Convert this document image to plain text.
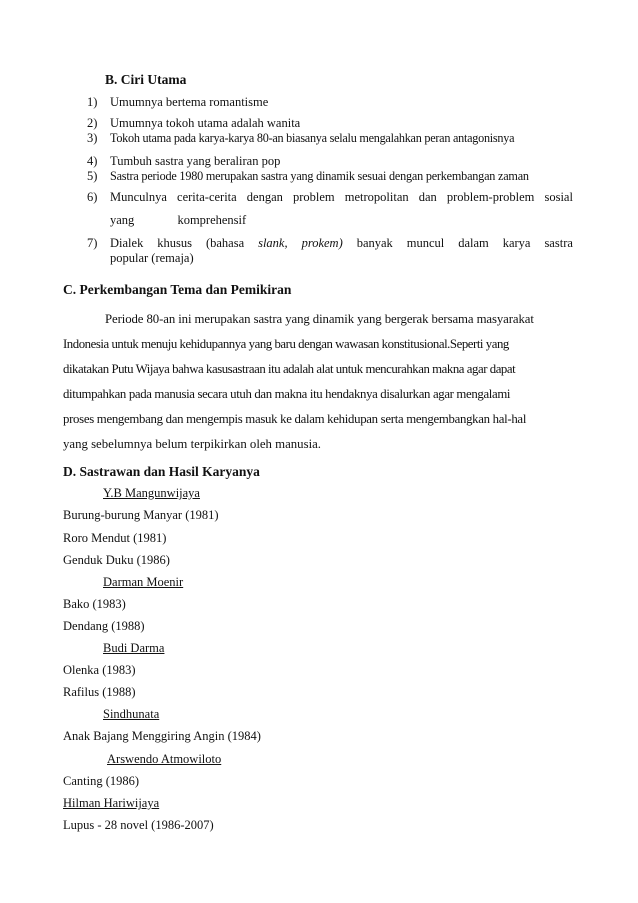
B. Ciri Utama
1) Umumnya bertema romantisme
2) Umumnya tokoh utama adalah wanita
3) Tokoh utama pada karya-karya 80-an biasanya selalu mengalahkan peran antagonisnya
4) Tumbuh sastra yang beraliran pop
5) Sastra periode 1980 merupakan sastra yang dinamik sesuai dengan perkembangan zaman
6) Munculnya cerita-cerita dengan problem metropolitan dan problem-problem sosial
yang	komprehensif
7) Dialek khusus (bahasa slank, prokem) banyak muncul dalam karya sastra
popular (remaja)
C. Perkembangan Tema dan Pemikiran
Periode 80-an ini merupakan sastra yang dinamik yang bergerak bersama masyarakat
Indonesia untuk menuju kehidupannya yang baru dengan wawasan konstitusional.Seperti yang
dikatakan Putu Wijaya bahwa kasusastraan itu adalah alat untuk mencurahkan makna agar dapat
ditumpahkan pada manusia secara utuh dan makna itu hendaknya disalurkan agar mengalami
proses mengembang dan mengempis masuk ke dalam kehidupan serta mengembangkan hal-hal
yang sebelumnya belum terpikirkan oleh manusia.
D. Sastrawan dan Hasil Karyanya
Y.B Mangunwijaya
Burung-burung Manyar (1981)
Roro Mendut (1981)
Genduk Duku (1986)
Darman Moenir
Bako (1983)
Dendang (1988)
Budi Darma
Olenka (1983)
Rafilus (1988)
Sindhunata
Anak Bajang Menggiring Angin (1984)
Arswendo Atmowiloto
Canting (1986)
Hilman Hariwijaya
Lupus - 28 novel (1986-2007)
